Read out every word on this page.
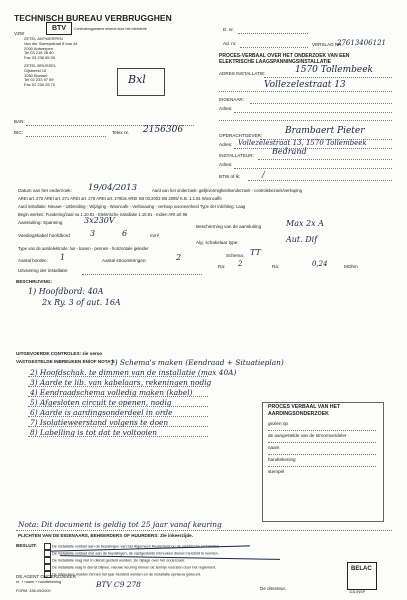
TECHNISCH BUREAU VERBRUGGHEN
VZW
BTV	Controleorganisme erkend door het ministerie
ZETEL ANTWERPEN
Van der Sweepstraat 8 bus 44
2000 Antwerpen
Tel 03 218 28 80
Fax 03 238 85 05
ZETEL BRUSSEL
Gijsbeeld 15
1050 Brussel
Tel 02 233 97 89
Fax 02 230 25 70	Bxl
D. nr.
Ad. nr.	VERSLAG NR.
27613406121
PROCES-VERBAAL OVER HET ONDERZOEK VAN EEN
ELEKTRISCHE LAAGSPANNINGSINSTALLATIE
ADRES INSTALLATIE:	1570 Tollembeek
Vollezelestraat 13
EIGENAAR:
Adres:
OPDRACHTGEVER:	Brambaert Pieter
Adres: Vollezelestraat 13, 1570 Tollembeek
INSTALLATEUR: Bedrand
Adres:
BTW of lk:	/
BAN:
BIC:	Telex nr. 2156306
Datum van het onderzoek: 19/04/2013	Aard van het onderzoek: gelijkvormigheidsonderzoek - controlebezoek/verkoping
AREI art. 270 AREI art. 271 AREI art. 276 AREI art. 276bis AREI KB 03.2003 KB 2005/ K.B. 1.1.81 Wooncaffe
Aard installatie: Nieuwe - Uitbreiding - Wijziging - Wooncafe - Verbouwing - verkoop wooneenheid Type der inlichting: Laag
Begin werken: Fundering/zaal na 1.10.81 - Elektrische installatie 1.10.81 - Indien ARI art 86
Aansluiting: Spanning	3x230V
Bescherming van de aansluiting	Max 2x A
Voedingskabel hoofdbord	3	6	mm²
Alg. schakelaar type:	Aut. Dif
Type van de aardelektrode: lus - banen - pennen - horizontale geleider
Schema: TT
Aantal borden: 1	Aantal stroomkringen:	2
Ra: 2	Ra:	0,24	MOhm
Uitvoering der installatie:
BESCHRIJVING:
1) Hoofdbord: 40A
2x Ry. 3 of aut. 16A
UITGEVOERDE CONTROLES: zie verso
VASTGESTELDE INBREUKEN EN/OF NOTA'S
1) Schema's maken (Eendraad + Situatieplan)
2) Hoofdschak. te dimmen van de installatie (max 40A)
3) Aarde te lib. van kabelaars, rekeningen nodig
4) Eendraadschema volledig maken (kabel)
5) Afgesloten circuit te openen, nodig
6) Aarde is aardingsonderdeel in orde
7) Isolatieweerstand volgens te doen
8) Labelling is tot dat te voltooien
PROCES VERBAAL VAN HET
AARDINGSONDERZOEK
gezien op
de aangestelde van de stroomverdeler
naam
handtekening
stempel
Nota: Dit document is geldig tot 25 jaar vanaf keuring
PLICHTEN VAN DE EIGENAARS, BEHEERDERS OF HUURDERS: Zie inkeerzijde.
BESLUIT:	De installatie voldoet aan de bepalingen van het Algemeen Reglement op de elektrische installaties.
De installatie voldoet niet aan de bepalingen, de vastgestelde inbreuken dienen hersteld te worden.
De installatie mag niet in dienst gesteld worden; zie bijlage over het onderzoek.
De installatie mag in dienst blijven, nieuwe keuring binnen de termijn voorzien door het reglement.
De inbreuken moeten binnen het jaar hersteld worden en de installatie opnieuw gekeurd.
DE AGENT ONDERZOEKER
nr. + naam + handtekening	BTV C9 278
FORM. 338-09/2000	De directeur,
BELAC
115-INSP
